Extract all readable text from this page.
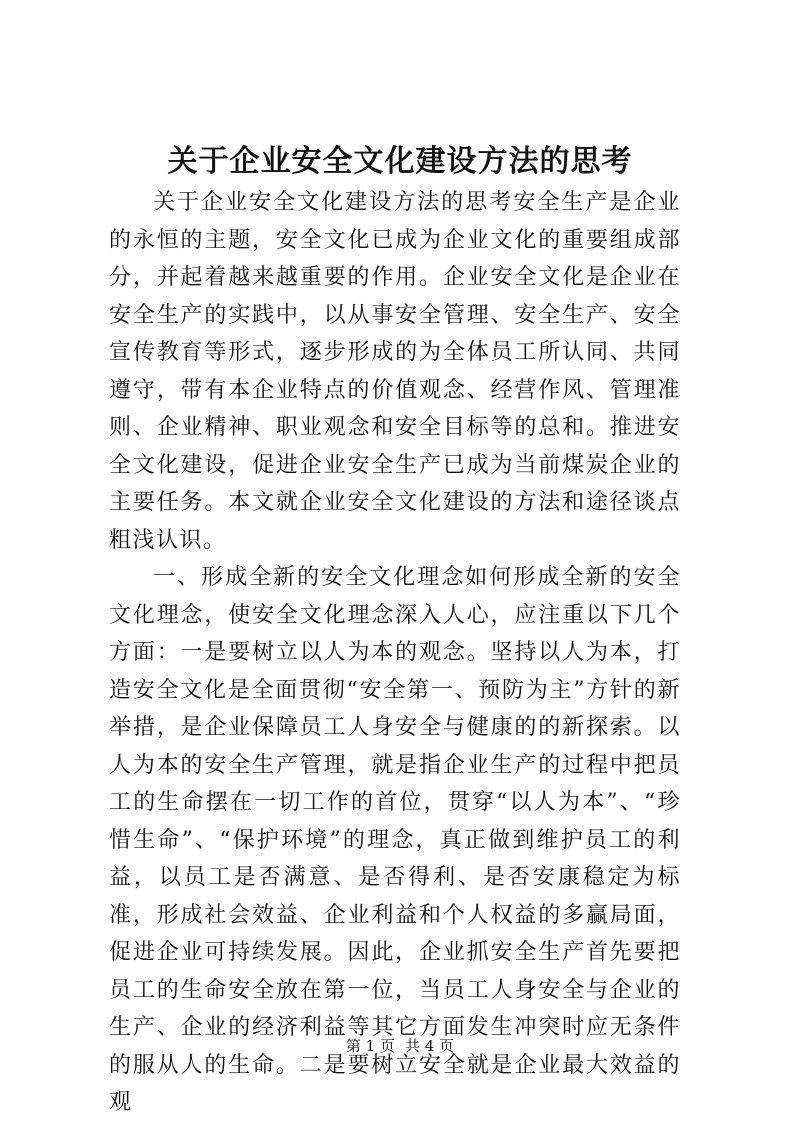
关于企业安全文化建设方法的思考

关于企业安全文化建设方法的思考安全生产是企业的永恒的主题，安全文化已成为企业文化的重要组成部分，并起着越来越重要的作用。企业安全文化是企业在安全生产的实践中，以从事安全管理、安全生产、安全宣传教育等形式，逐步形成的为全体员工所认同、共同遵守，带有本企业特点的价值观念、经营作风、管理准则、企业精神、职业观念和安全目标等的总和。推进安全文化建设，促进企业安全生产已成为当前煤炭企业的主要任务。本文就企业安全文化建设的方法和途径谈点粗浅认识。

一、形成全新的安全文化理念如何形成全新的安全文化理念，使安全文化理念深入人心，应注重以下几个方面：一是要树立以人为本的观念。坚持以人为本，打造安全文化是全面贯彻“安全第一、预防为主”方针的新举措，是企业保障员工人身安全与健康的的新探索。以人为本的安全生产管理，就是指企业生产的过程中把员工的生命摆在一切工作的首位，贯穿“以人为本”、“珍惜生命”、“保护环境”的理念，真正做到维护员工的利益，以员工是否满意、是否得利、是否安康稳定为标准，形成社会效益、企业利益和个人权益的多赢局面，促进企业可持续发展。因此，企业抓安全生产首先要把员工的生命安全放在第一位，当员工人身安全与企业的生产、企业的经济利益等其它方面发生冲突时应无条件的服从人的生命。二是要树立安全就是企业最大效益的观

第 1 页 共 4 页
